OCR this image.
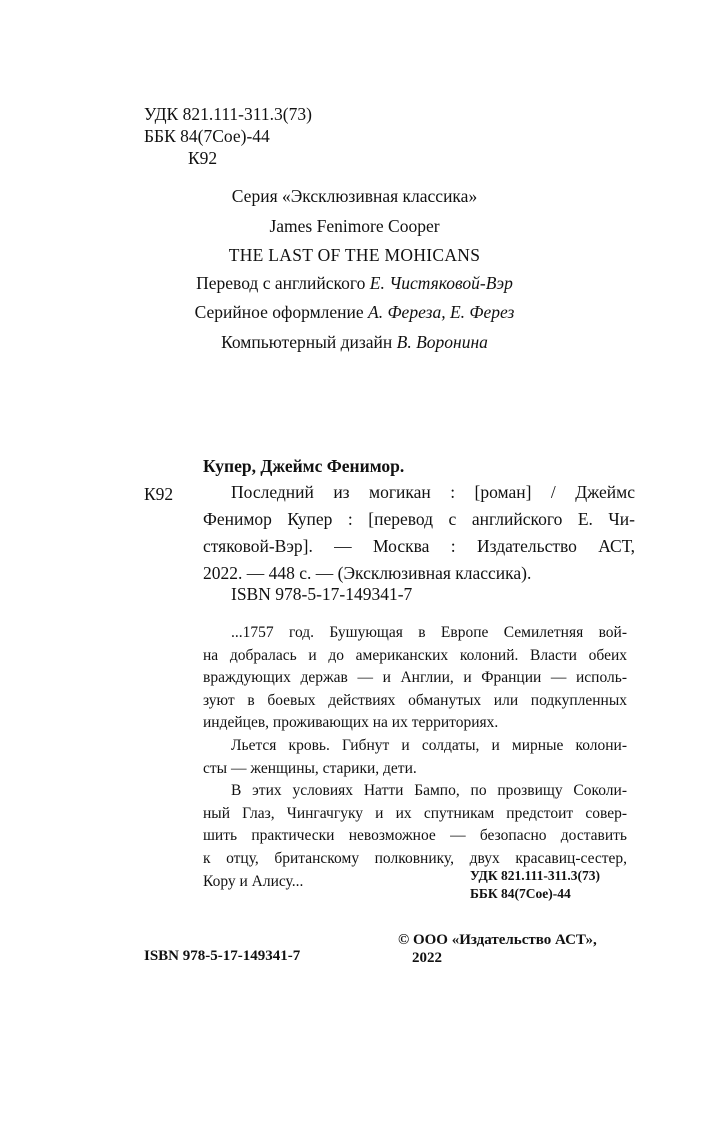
УДК 821.111-311.3(73)
ББК 84(7Сое)-44
К92
Серия «Эксклюзивная классика»
James Fenimore Cooper
THE LAST OF THE MOHICANS
Перевод с английского Е. Чистяковой-Вэр
Серийное оформление А. Фереза, Е. Ферез
Компьютерный дизайн В. Воронина
Купер, Джеймс Фенимор.
К92	Последний из могикан : [роман] / Джеймс
Фенимор Купер : [перевод с английского Е. Чи-
стяковой-Вэр]. — Москва : Издательство АСТ,
2022. — 448 с. — (Эксклюзивная классика).
ISBN 978-5-17-149341-7
...1757 год. Бушующая в Европе Семилетняя вой-
на добралась и до американских колоний. Власти обеих
враждующих держав — и Англии, и Франции — исполь-
зуют в боевых действиях обманутых или подкупленных
индейцев, проживающих на их территориях.
Льется кровь. Гибнут и солдаты, и мирные колони-
сты — женщины, старики, дети.
В этих условиях Натти Бампо, по прозвищу Соколи-
ный Глаз, Чингачгуку и их спутникам предстоит совер-
шить практически невозможное — безопасно доставить
к отцу, британскому полковнику, двух красавиц-сестер,
Кору и Алису...	УДК 821.111-311.3(73)
ББК 84(7Сое)-44
ISBN 978-5-17-149341-7
© ООО «Издательство АСТ»,
2022
